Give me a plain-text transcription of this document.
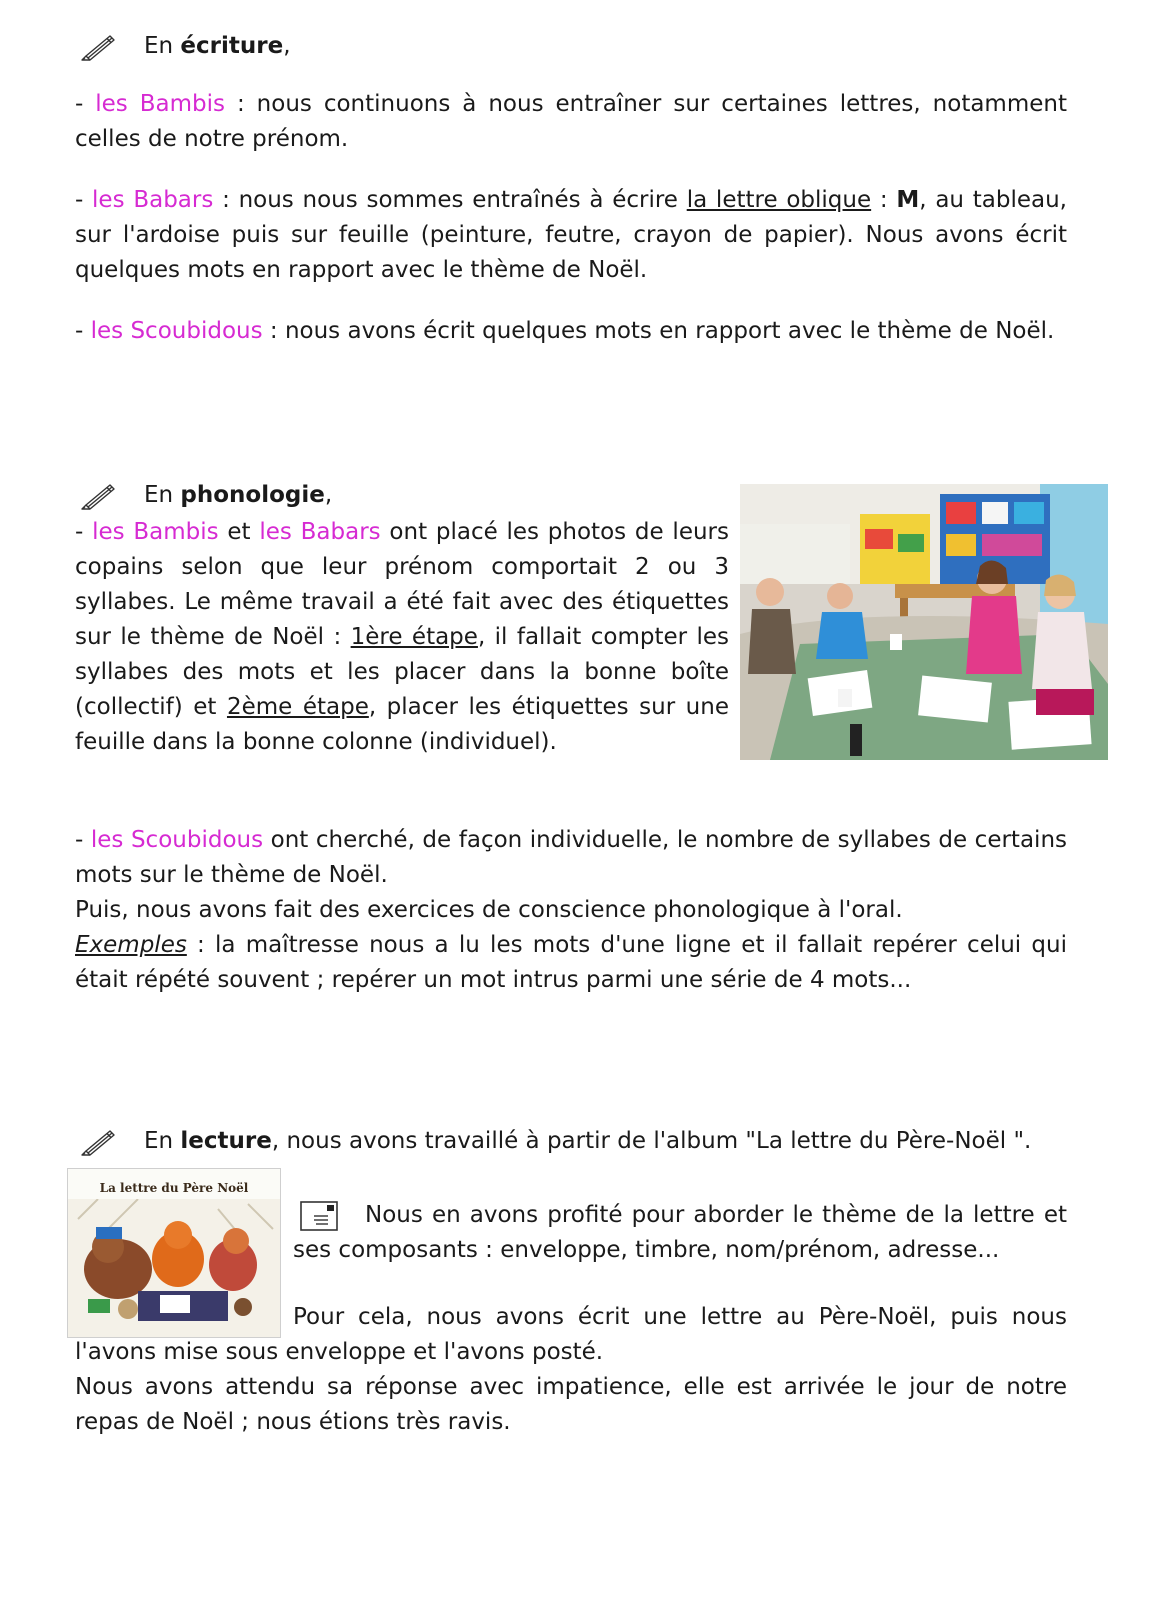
En écriture,

- les Bambis : nous continuons à nous entraîner sur certaines lettres, notamment celles de notre prénom.

- les Babars : nous nous sommes entraînés à écrire la lettre oblique : M, au tableau, sur l'ardoise puis sur feuille (peinture, feutre, crayon de papier). Nous avons écrit quelques mots en rapport avec le thème de Noël.

- les Scoubidous : nous avons écrit quelques mots en rapport avec le thème de Noël.

En phonologie,

- les Bambis et les Babars ont placé les photos de leurs copains selon que leur prénom comportait 2 ou 3 syllabes. Le même travail a été fait avec des étiquettes sur le thème de Noël : 1ère étape, il fallait compter les syllabes des mots et les placer dans la bonne boîte (collectif) et 2ème étape, placer les étiquettes sur une feuille dans la bonne colonne (individuel).

- les Scoubidous ont cherché, de façon individuelle, le nombre de syllabes de certains mots sur le thème de Noël.

Puis, nous avons fait des exercices de conscience phonologique à l'oral.

Exemples : la maîtresse nous a lu les mots d'une ligne et il fallait repérer celui qui était répété souvent ; repérer un mot intrus parmi une série de 4 mots...

En lecture, nous avons travaillé à partir de l'album "La lettre du Père-Noël ".
La lettre du Père Noël

Nous en avons profité pour aborder le thème de la lettre et ses composants : enveloppe, timbre, nom/prénom, adresse...

Pour cela, nous avons écrit une lettre au Père-Noël, puis nous

l'avons mise sous enveloppe et l'avons posté.

Nous avons attendu sa réponse avec impatience, elle est arrivée le jour de notre repas de Noël ; nous étions très ravis.
